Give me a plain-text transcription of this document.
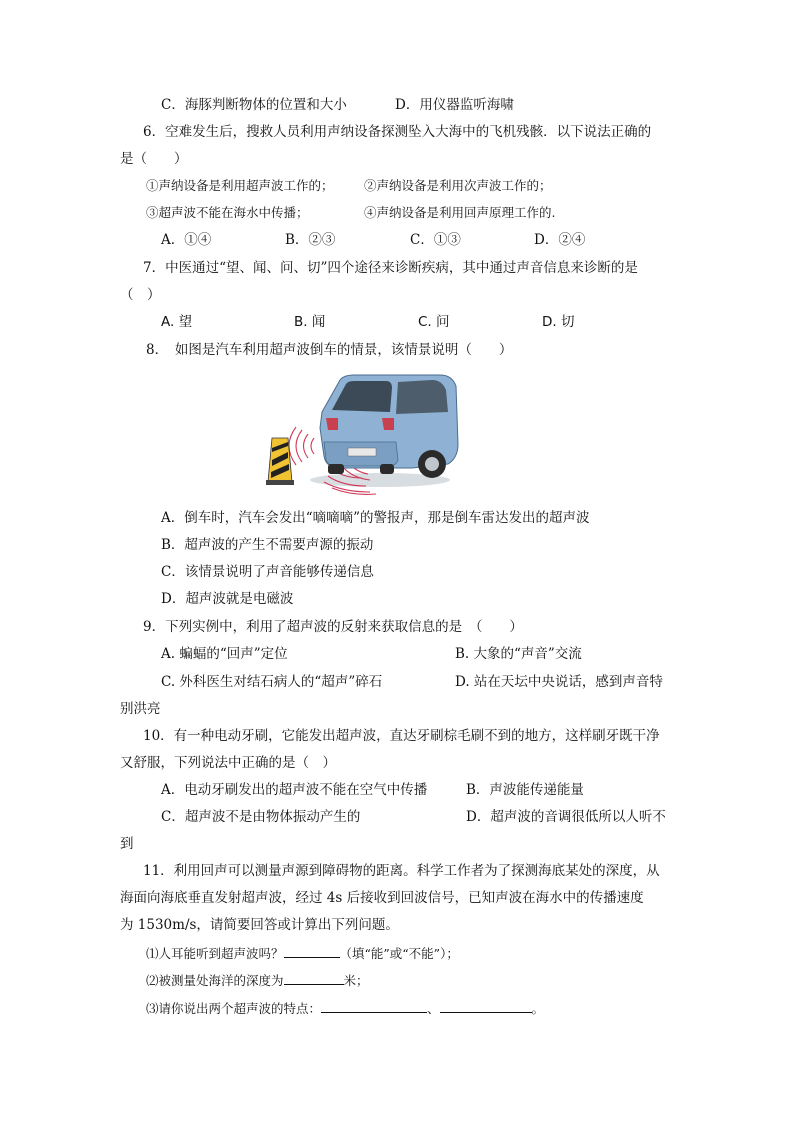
C．海豚判断物体的位置和大小	D．用仪器监听海啸
6．空难发生后，搜救人员利用声纳设备探测坠入大海中的飞机残骸．以下说法正确的
是（　　）
①声纳设备是利用超声波工作的； ②声纳设备是利用次声波工作的；
③超声波不能在海水中传播；	④声纳设备是利用回声原理工作的.
A．①④	B．②③	C．①③	D．②④
7．中医通过“望、闻、问、切”四个途径来诊断疾病，其中通过声音信息来诊断的是
（　）
A. 望	B. 闻	C. 问	D. 切
8．　如图是汽车利用超声波倒车的情景，该情景说明（　　）
A．倒车时，汽车会发出“嘀嘀嘀”的警报声，那是倒车雷达发出的超声波
B．超声波的产生不需要声源的振动
C．该情景说明了声音能够传递信息
D．超声波就是电磁波
9．下列实例中，利用了超声波的反射来获取信息的是　（　　）
A. 蝙蝠的“回声”定位	B. 大象的“声音”交流
C. 外科医生对结石病人的“超声”碎石	D. 站在天坛中央说话，感到声音特
别洪亮
10．有一种电动牙刷，它能发出超声波，直达牙刷棕毛刷不到的地方，这样刷牙既干净
又舒服，下列说法中正确的是（　）
A．电动牙刷发出的超声波不能在空气中传播	B．声波能传递能量
C．超声波不是由物体振动产生的	D．超声波的音调很低所以人听不
到
11．利用回声可以测量声源到障碍物的距离。科学工作者为了探测海底某处的深度，从
海面向海底垂直发射超声波，经过 4s 后接收到回波信号，已知声波在海水中的传播速度
为 1530m/s，请简要回答或计算出下列问题。
⑴人耳能听到超声波吗？	（填“能”或“不能”）；
⑵被测量处海洋的深度为	米；
⑶请你说出两个超声波的特点：	、	。
